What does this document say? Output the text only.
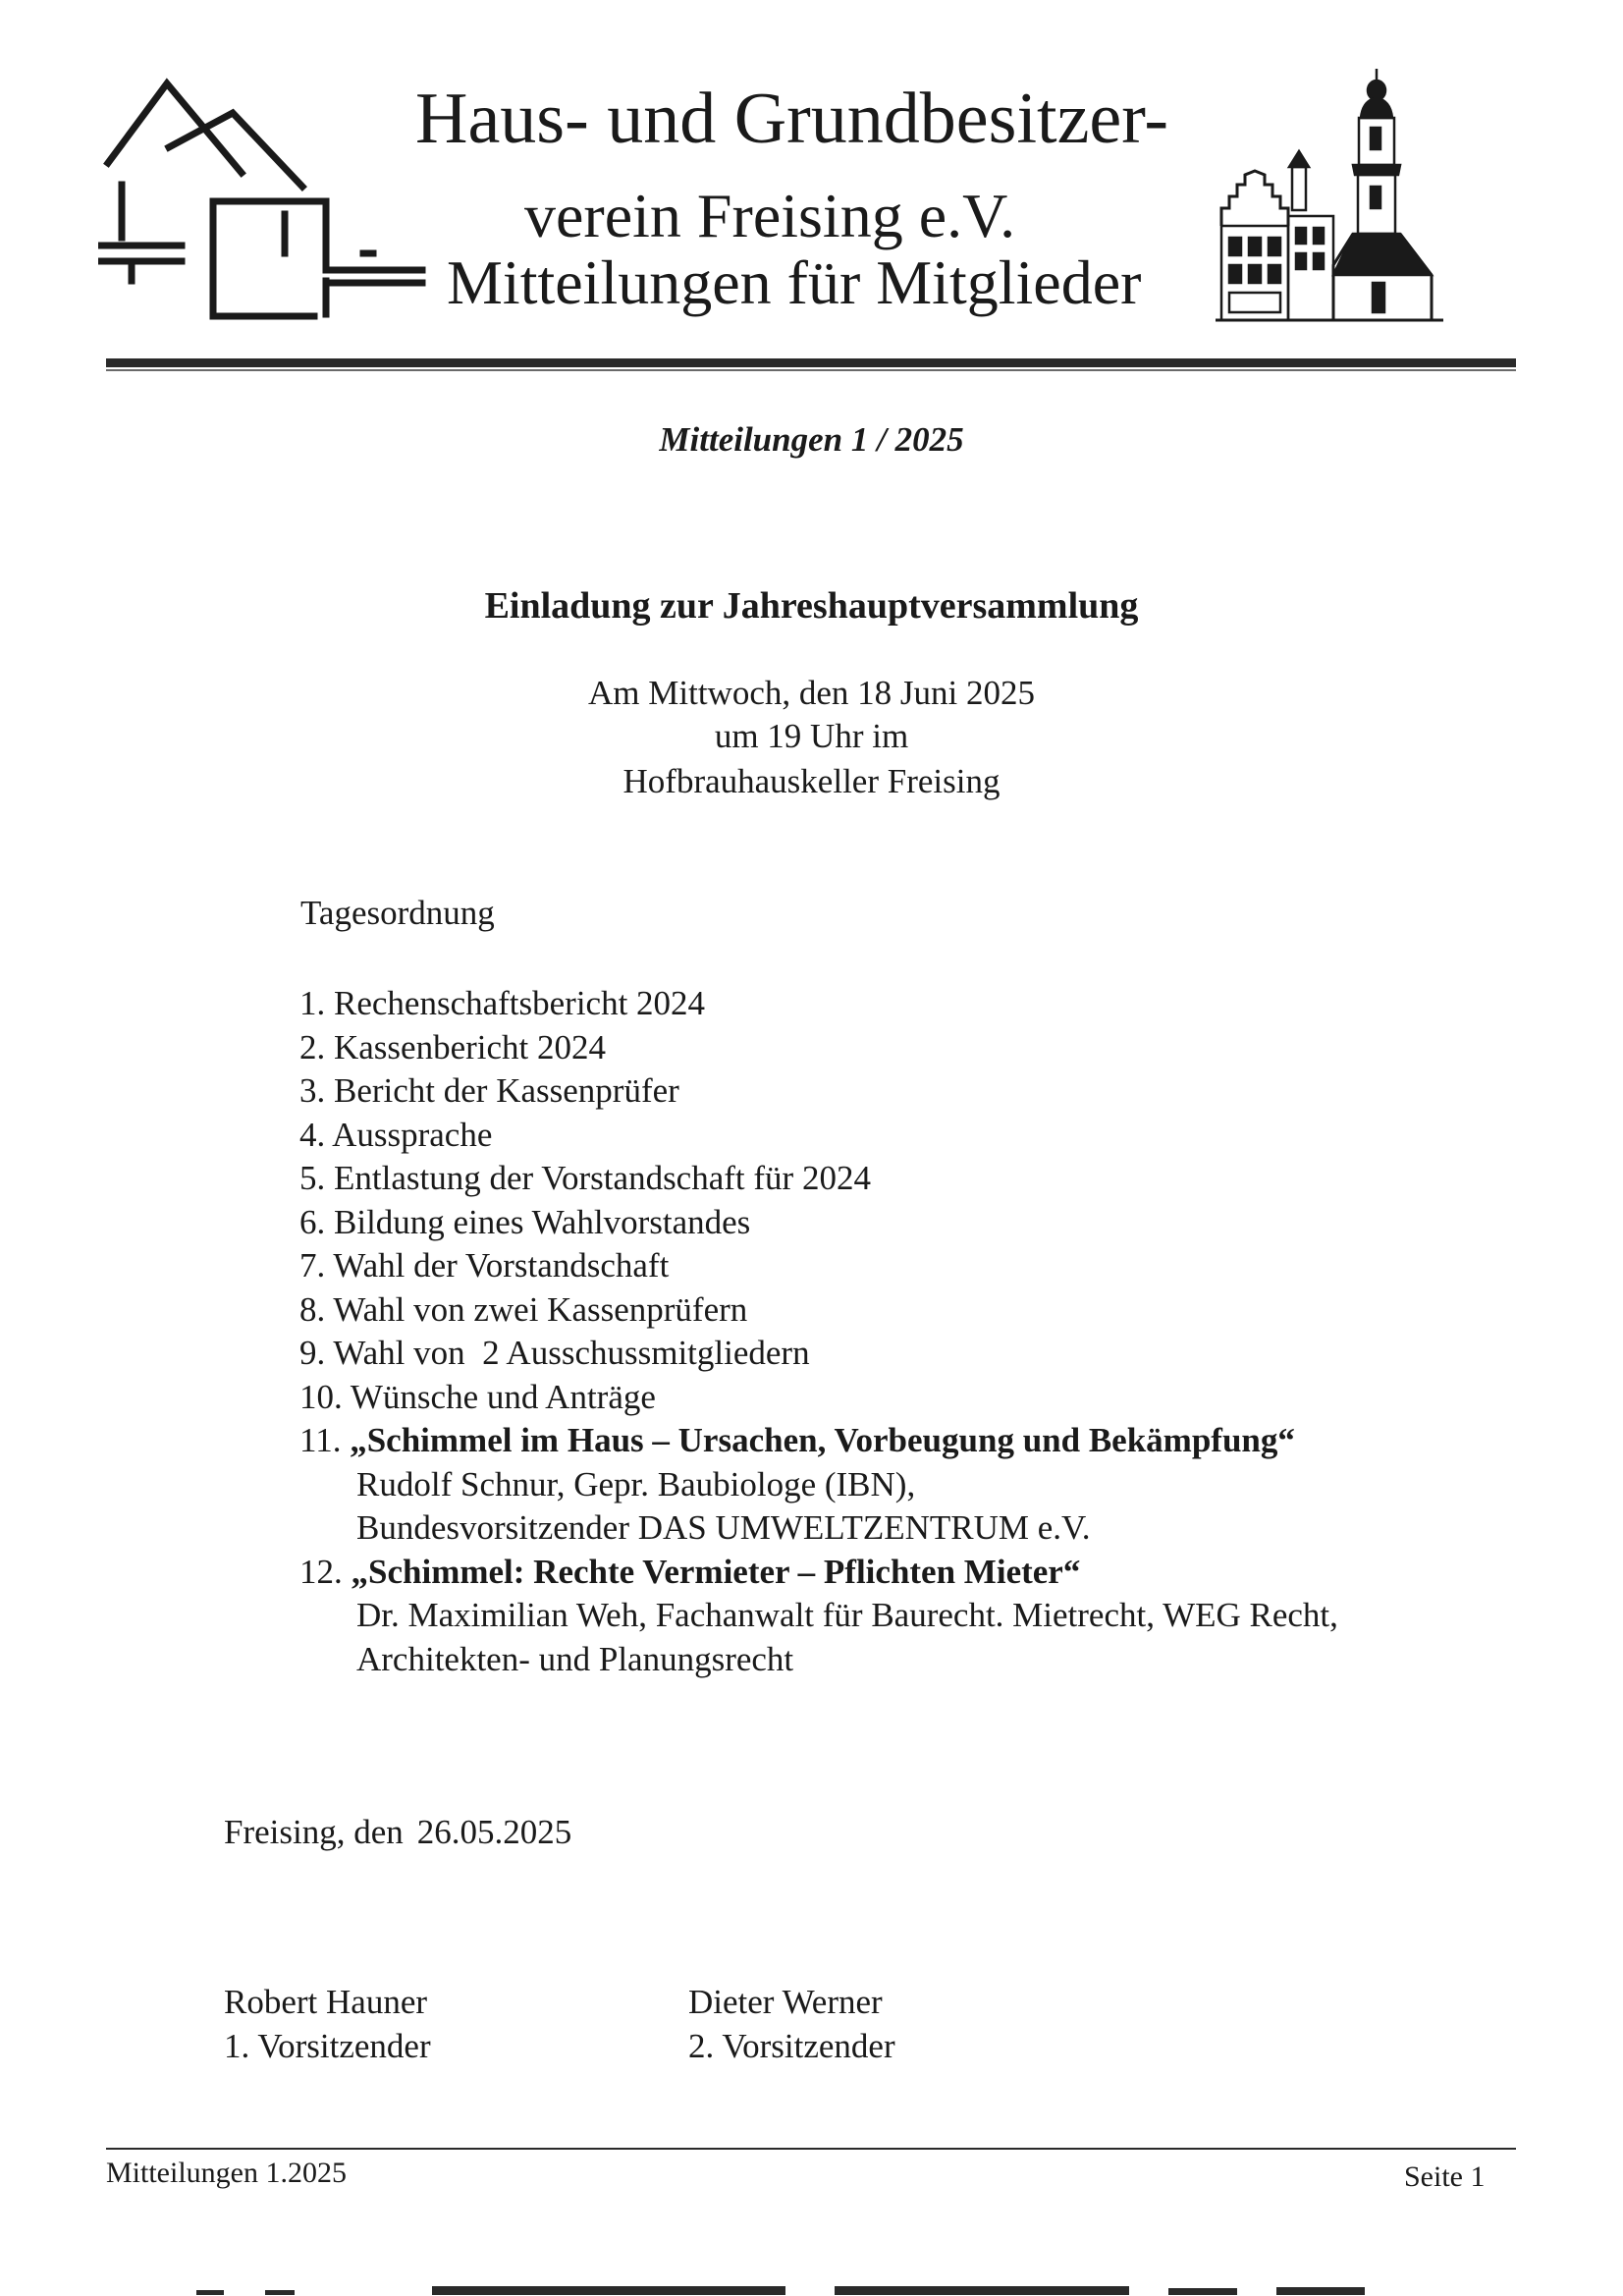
Haus- und Grundbesitzer-
verein Freising e.V.
Mitteilungen für Mitglieder
Mitteilungen 1 / 2025
Einladung zur Jahreshauptversammlung
Am Mittwoch, den 18 Juni 2025
um 19 Uhr im
Hofbrauhauskeller Freising
Tagesordnung
1. Rechenschaftsbericht 2024
2. Kassenbericht 2024
3. Bericht der Kassenprüfer
4. Aussprache
5. Entlastung der Vorstandschaft für 2024
6. Bildung eines Wahlvorstandes
7. Wahl der Vorstandschaft
8. Wahl von zwei Kassenprüfern
9. Wahl von  2 Ausschussmitgliedern
10. Wünsche und Anträge
11. „Schimmel im Haus – Ursachen, Vorbeugung und Bekämpfung“
Rudolf Schnur, Gepr. Baubiologe (IBN),
Bundesvorsitzender DAS UMWELTZENTRUM e.V.
12. „Schimmel: Rechte Vermieter – Pflichten Mieter“
Dr. Maximilian Weh, Fachanwalt für Baurecht. Mietrecht, WEG Recht,
Architekten- und Planungsrecht
Freising, den 26.05.2025
Robert Hauner
1. Vorsitzender
Dieter Werner
2. Vorsitzender
Mitteilungen 1.2025	Seite 1
